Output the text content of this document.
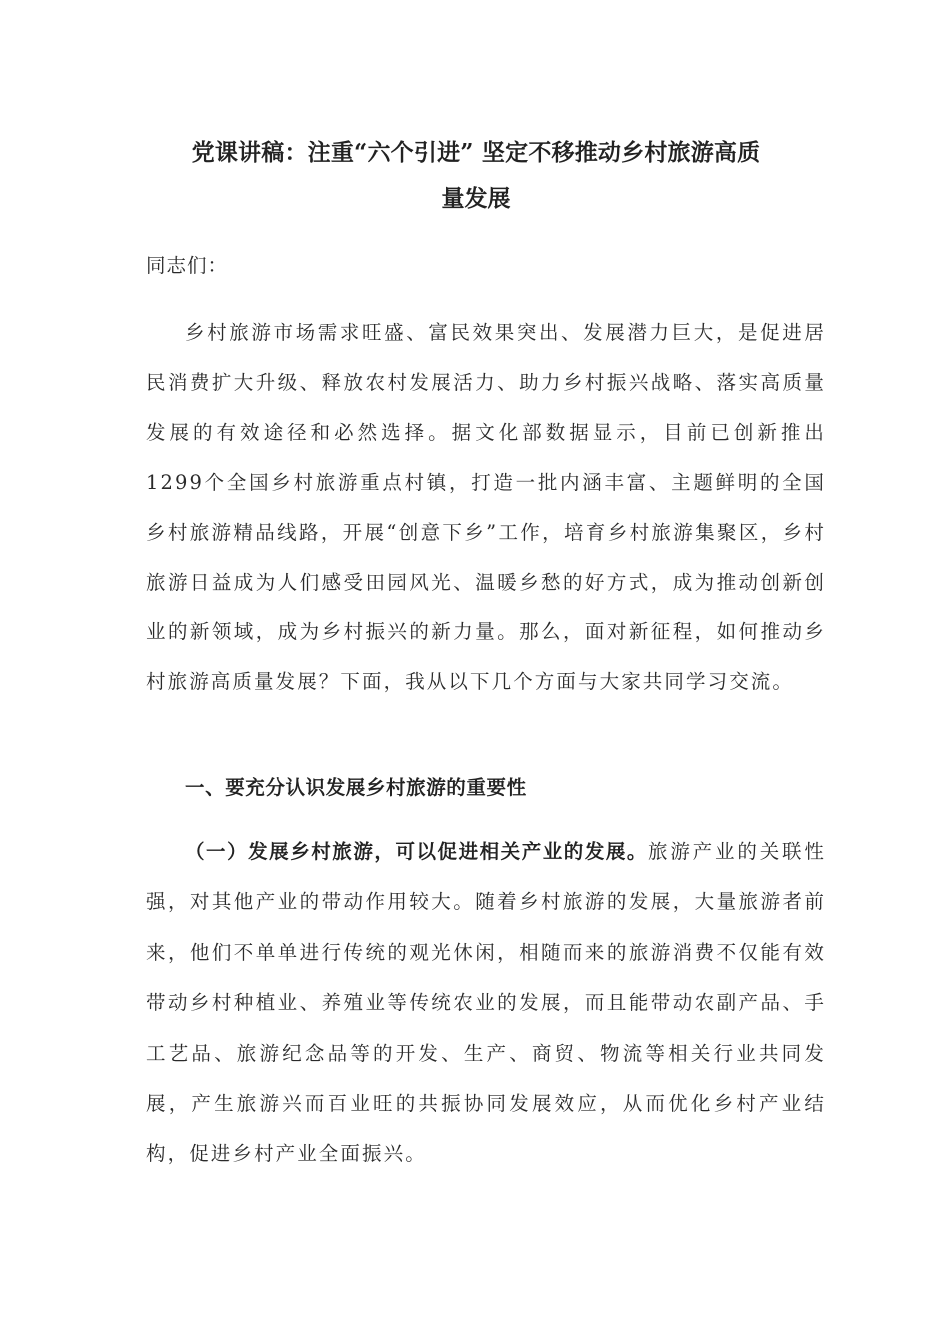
党课讲稿：注重“六个引进” 坚定不移推动乡村旅游高质
量发展

同志们：

乡村旅游市场需求旺盛、富民效果突出、发展潜力巨大，是促进居民消费扩大升级、释放农村发展活力、助力乡村振兴战略、落实高质量发展的有效途径和必然选择。据文化部数据显示，目前已创新推出1299个全国乡村旅游重点村镇，打造一批内涵丰富、主题鲜明的全国乡村旅游精品线路，开展“创意下乡”工作，培育乡村旅游集聚区，乡村旅游日益成为人们感受田园风光、温暖乡愁的好方式，成为推动创新创业的新领域，成为乡村振兴的新力量。那么，面对新征程，如何推动乡村旅游高质量发展？下面，我从以下几个方面与大家共同学习交流。

一、要充分认识发展乡村旅游的重要性

（一）发展乡村旅游，可以促进相关产业的发展。旅游产业的关联性强，对其他产业的带动作用较大。随着乡村旅游的发展，大量旅游者前来，他们不单单进行传统的观光休闲，相随而来的旅游消费不仅能有效带动乡村种植业、养殖业等传统农业的发展，而且能带动农副产品、手工艺品、旅游纪念品等的开发、生产、商贸、物流等相关行业共同发展，产生旅游兴而百业旺的共振协同发展效应，从而优化乡村产业结构，促进乡村产业全面振兴。
